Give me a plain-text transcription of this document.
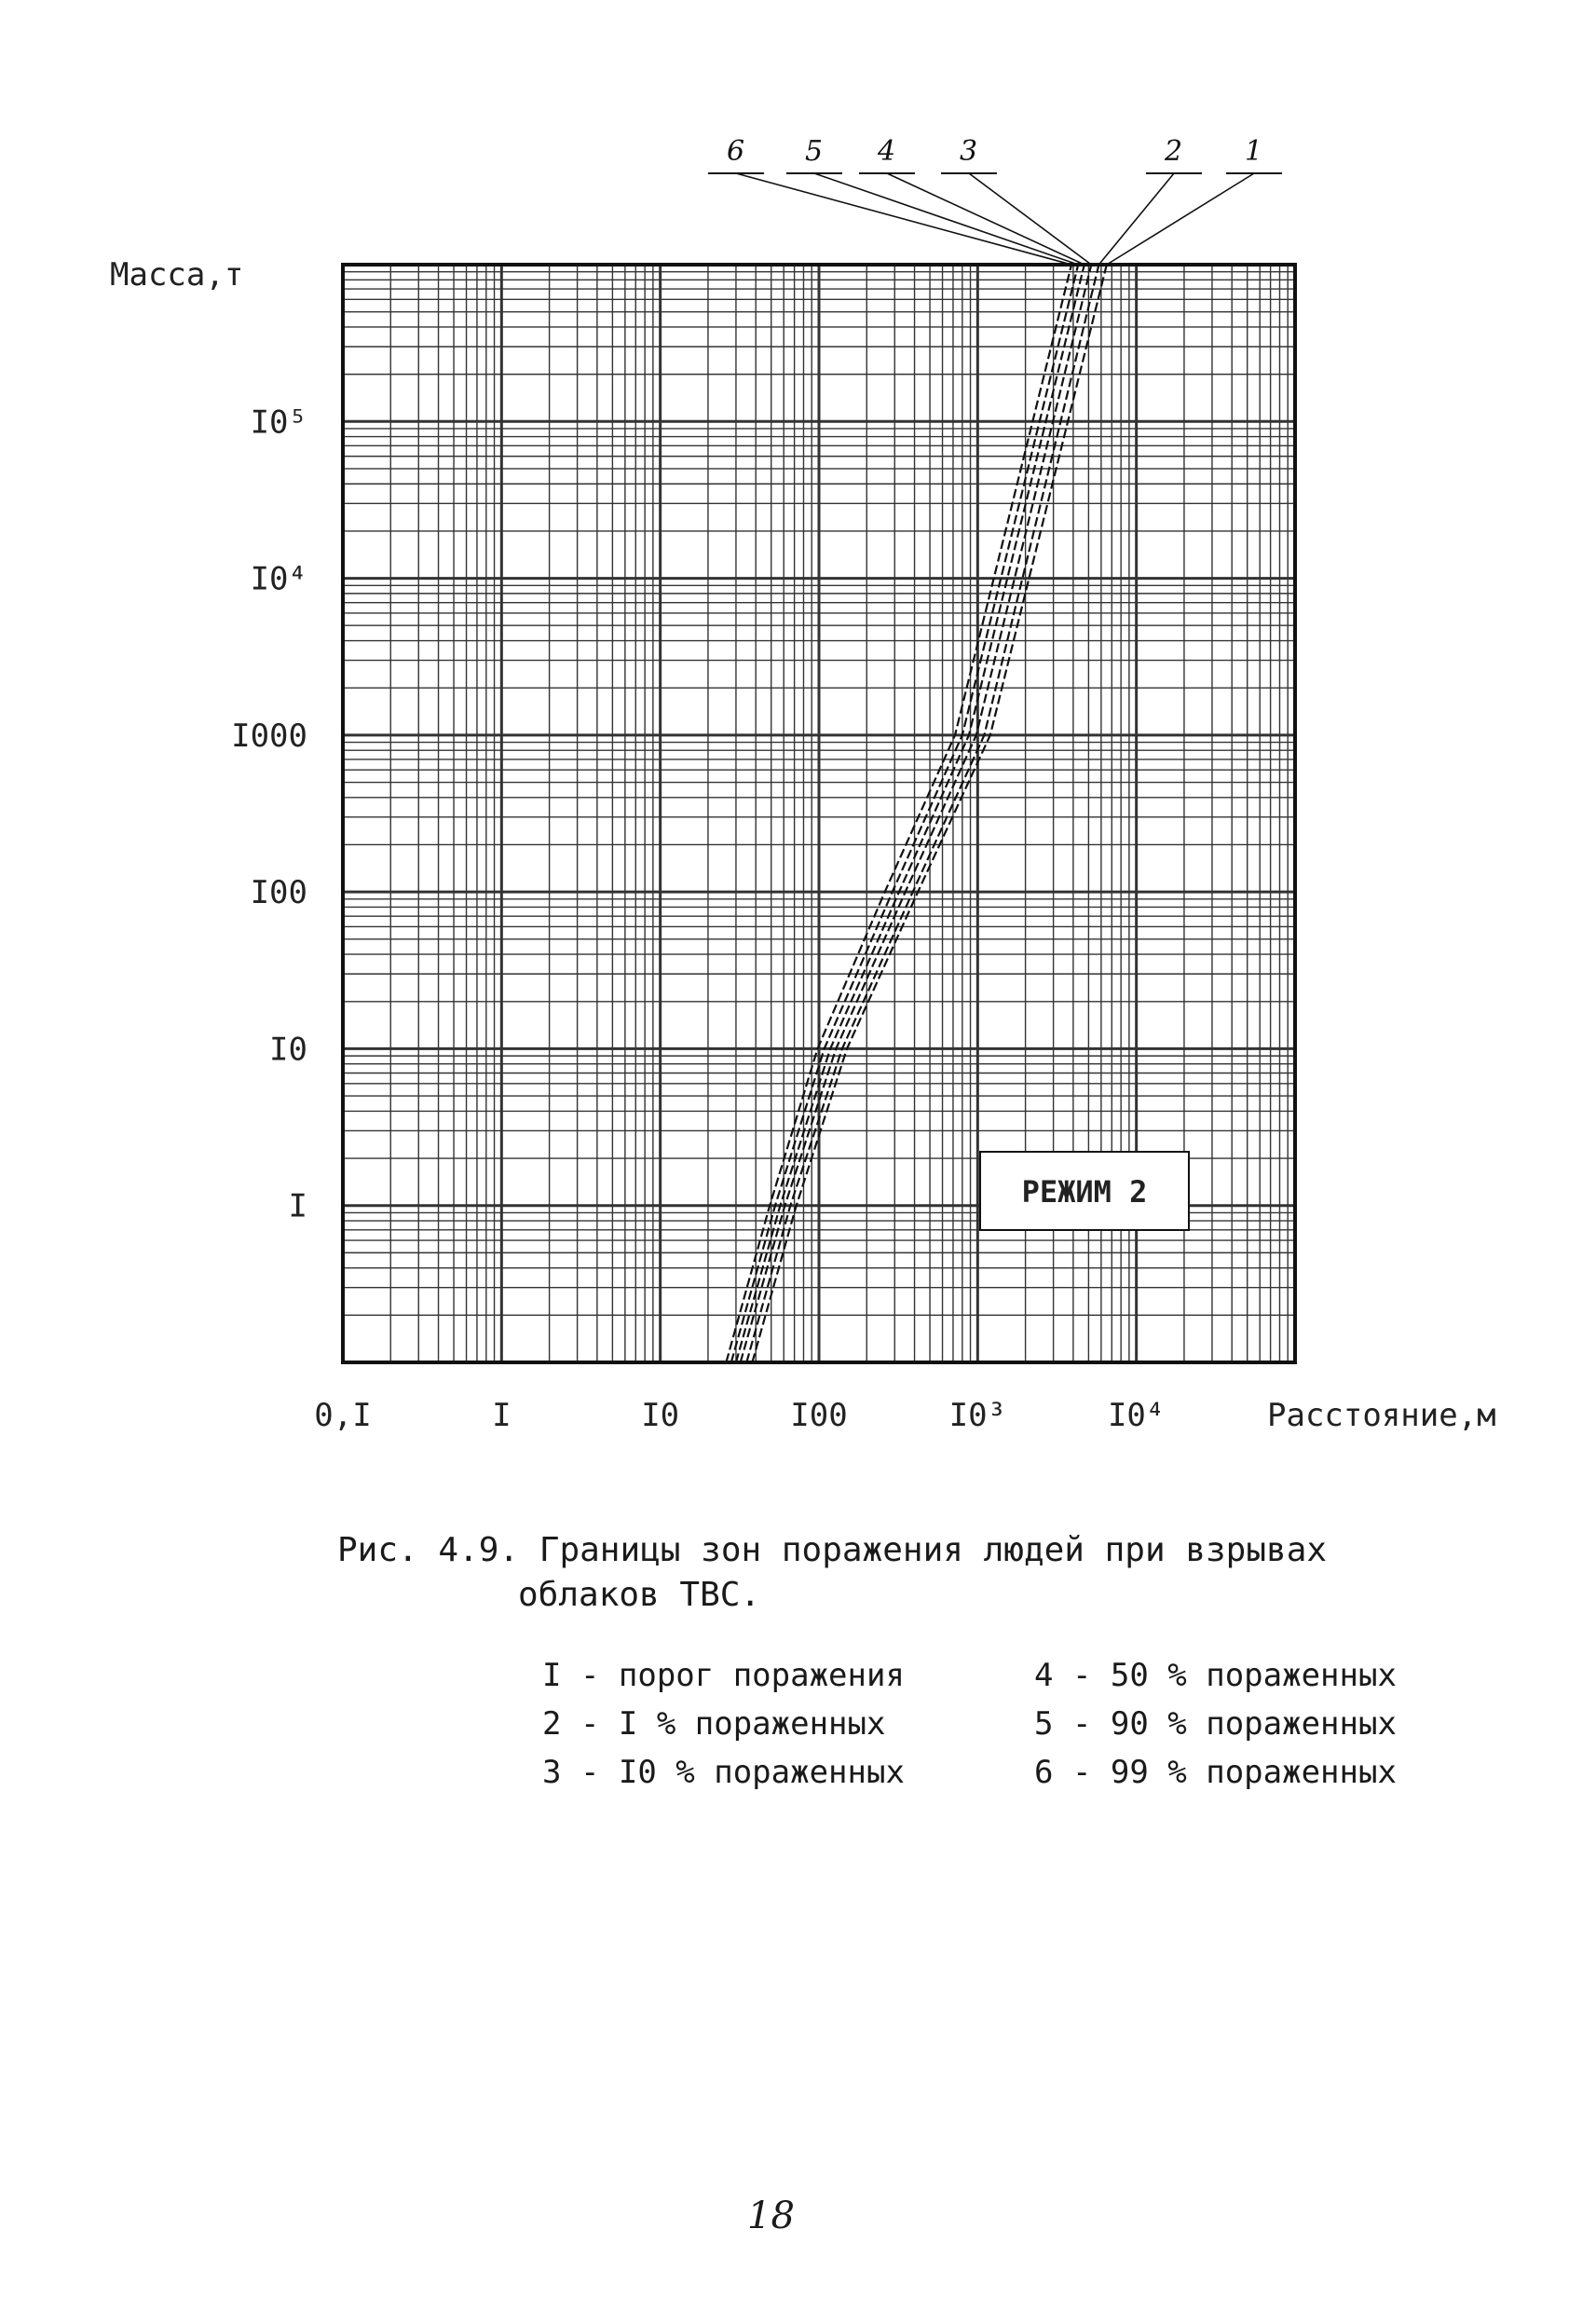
6 5 4 3	2 1
0,I	I	I0	I00	I0³	I0⁴
I0⁵
I0⁴
I000
I00
I0
I
Масса,т
Расстояние,м
РЕЖИМ 2
Рис. 4.9. Границы зон поражения людей при взрывах
облаков ТВС.
I - порог поражения	4 - 50 % пораженных
2 - I % пораженных	5 - 90 % пораженных
3 - I0 % пораженных	6 - 99 % пораженных
18
